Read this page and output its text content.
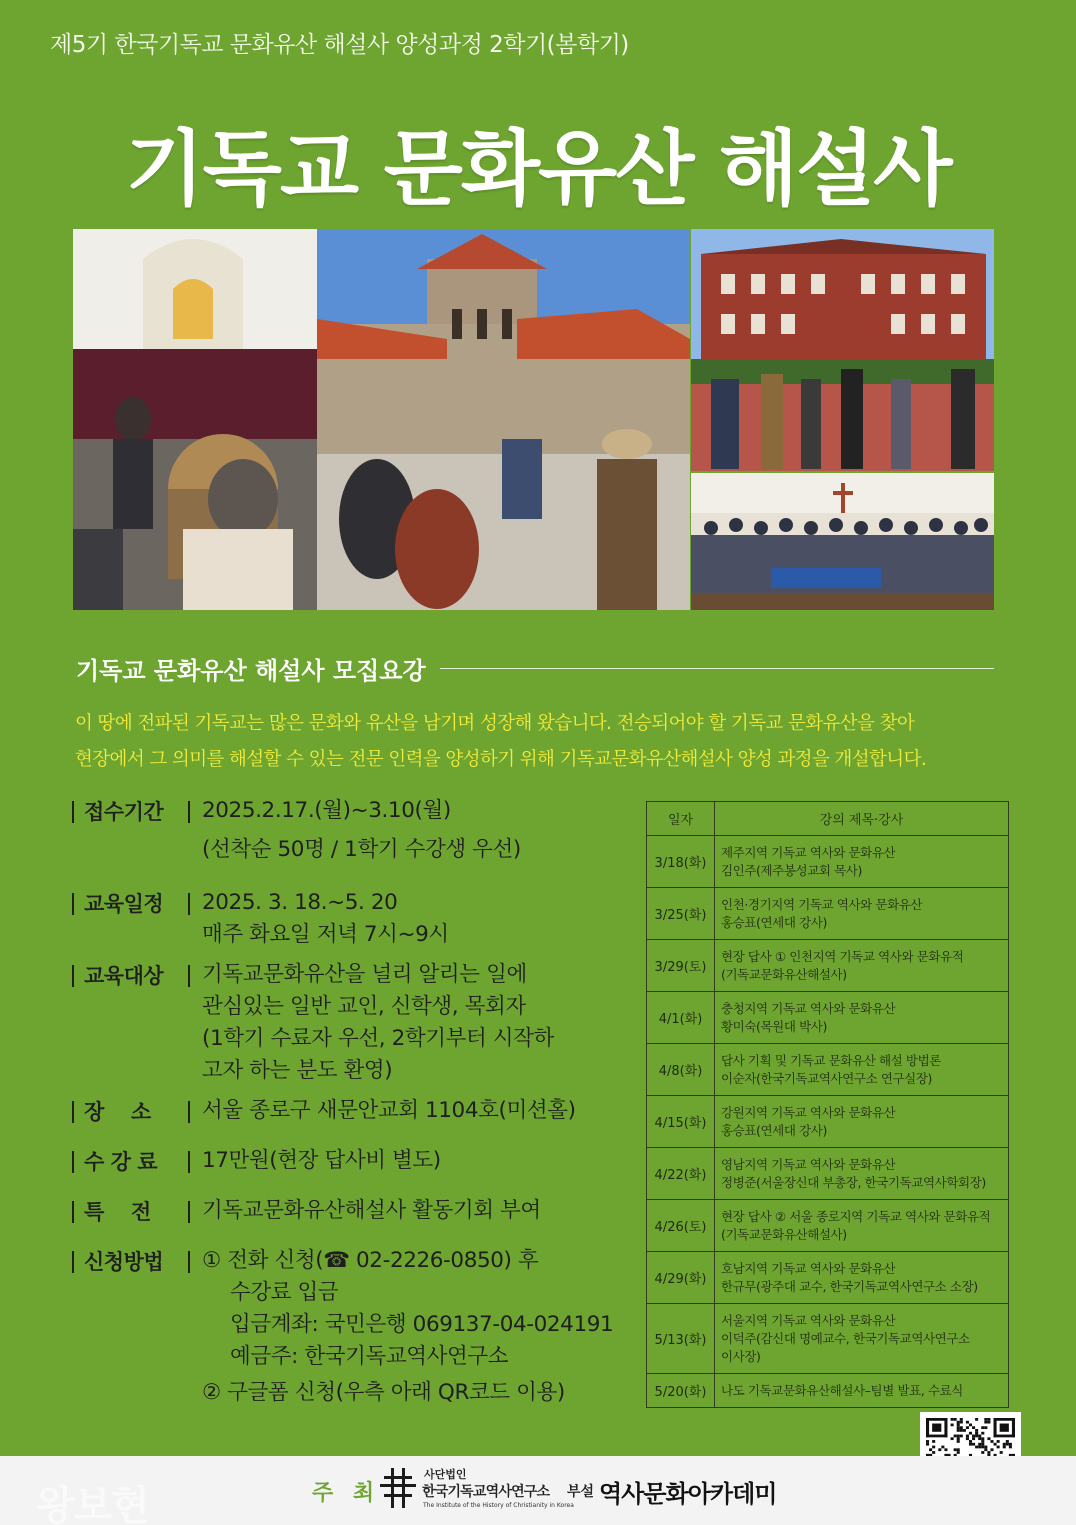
제5기 한국기독교 문화유산 해설사 양성과정 2학기(봄학기)
기독교 문화유산 해설사
기독교 문화유산 해설사 모집요강
이 땅에 전파된 기독교는 많은 문화와 유산을 남기며 성장해 왔습니다. 전승되어야 할 기독교 문화유산을 찾아
현장에서 그 의미를 해설할 수 있는 전문 인력을 양성하기 위해 기독교문화유산해설사 양성 과정을 개설합니다.
접수기간	2025.2.17.(월)~3.10(월)
(선착순 50명 / 1학기 수강생 우선)
교육일정	2025. 3. 18.~5. 20
매주 화요일 저녁 7시~9시
교육대상	기독교문화유산을 널리 알리는 일에
관심있는 일반 교인, 신학생, 목회자
(1학기 수료자 우선, 2학기부터 시작하
고자 하는 분도 환영)
장    소	서울 종로구 새문안교회 1104호(미션홀)
수 강 료	17만원(현장 답사비 별도)
특    전	기독교문화유산해설사 활동기회 부여
신청방법	① 전화 신청(☎ 02-2226-0850) 후
수강료 입금
입금계좌: 국민은행 069137-04-024191
예금주: 한국기독교역사연구소
② 구글폼 신청(우측 아래 QR코드 이용)
일자	강의 제목·강사
3/18(화)	제주지역 기독교 역사와 문화유산
김인주(제주봉성교회 목사)

3/25(화)	인천·경기지역 기독교 역사와 문화유산
홍승표(연세대 강사)

3/29(토)	현장 답사 ① 인천지역 기독교 역사와 문화유적
(기독교문화유산해설사)

4/1(화)	충청지역 기독교 역사와 문화유산
황미숙(목원대 박사)

4/8(화)	답사 기획 및 기독교 문화유산 해설 방법론
이순자(한국기독교역사연구소 연구실장)

4/15(화)	강원지역 기독교 역사와 문화유산
홍승표(연세대 강사)

4/22(화)	영남지역 기독교 역사와 문화유산
정병준(서울장신대 부총장, 한국기독교역사학회장)

4/26(토)	현장 답사 ② 서울 종로지역 기독교 역사와 문화유적
(기독교문화유산해설사)

4/29(화)	호남지역 기독교 역사와 문화유산
한규무(광주대 교수, 한국기독교역사연구소 소장)

5/13(화)	서울지역 기독교 역사와 문화유산
이덕주(감신대 명예교수, 한국기독교역사연구소
이사장)

5/20(화)	나도 기독교문화유산해설사–팀별 발표, 수료식
주 최
사단법인
한국기독교역사연구소
The Institute of the History of Christianity in Korea
부설 역사문화아카데미
왕보현
